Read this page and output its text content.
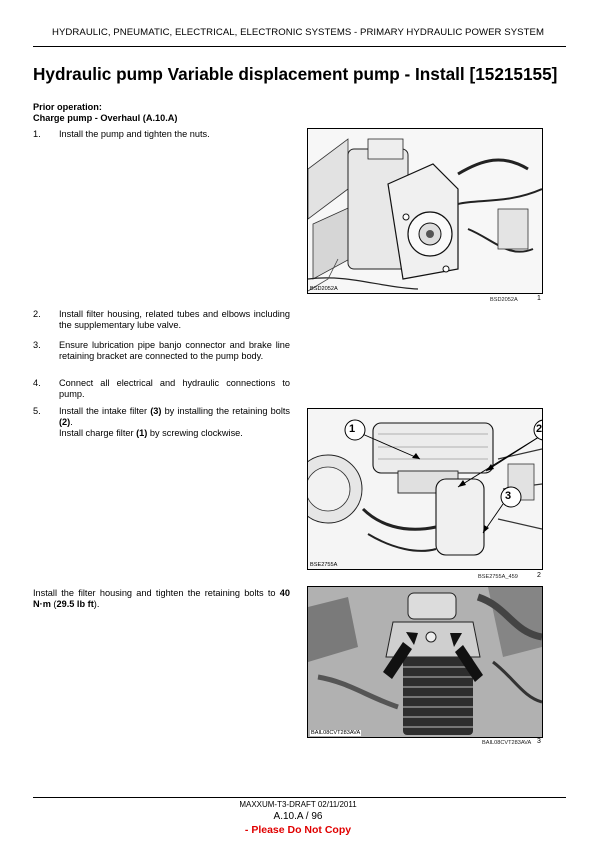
HYDRAULIC, PNEUMATIC, ELECTRICAL, ELECTRONIC SYSTEMS - PRIMARY HYDRAULIC POWER SYSTEM
Hydraulic pump Variable displacement pump - Install [15215155]
Prior operation:
Charge pump - Overhaul (A.10.A)
1. Install the pump and tighten the nuts.
BSD2052A
BSD2052A	1
2. Install filter housing, related tubes and elbows including the supplementary lube valve.
3. Ensure lubrication pipe banjo connector and brake line retaining bracket are connected to the pump body.
4. Connect all electrical and hydraulic connections to pump.
5. Install the intake filter (3) by installing the retaining bolts (2).
Install charge filter (1) by screwing clockwise.	1	2
3
BSE2755A
BSE2755A_459	2
Install the filter housing and tighten the retaining bolts to 40 N·m (29.5 lb ft).
BAIL08CVT283AVA
BAIL08CVT283AVA 3
MAXXUM-T3-DRAFT 02/11/2011
A.10.A / 96
- Please Do Not Copy
